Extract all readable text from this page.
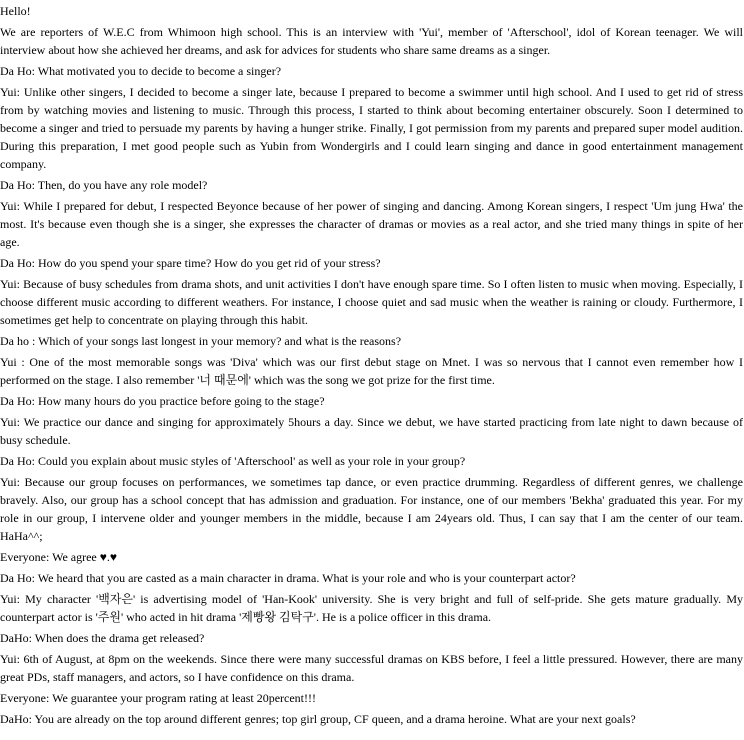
Hello!

We are reporters of W.E.C from Whimoon high school. This is an interview with 'Yui', member of 'Afterschool', idol of Korean teenager. We will interview about how she achieved her dreams, and ask for advices for students who share same dreams as a singer.

Da Ho: What motivated you to decide to become a singer?

Yui: Unlike other singers, I decided to become a singer late, because I prepared to become a swimmer until high school. And I used to get rid of stress from by watching movies and listening to music. Through this process, I started to think about becoming entertainer obscurely. Soon I determined to become a singer and tried to persuade my parents by having a hunger strike. Finally, I got permission from my parents and prepared super model audition. During this preparation, I met good people such as Yubin from Wondergirls and I could learn singing and dance in good entertainment management company.

Da Ho: Then, do you have any role model?

Yui: While I prepared for debut, I respected Beyonce because of her power of singing and dancing. Among Korean singers, I respect 'Um jung Hwa' the most. It's because even though she is a singer, she expresses the character of dramas or movies as a real actor, and she tried many things in spite of her age.

Da Ho: How do you spend your spare time? How do you get rid of your stress?

Yui: Because of busy schedules from drama shots, and unit activities I don't have enough spare time. So I often listen to music when moving. Especially, I choose different music according to different weathers. For instance, I choose quiet and sad music when the weather is raining or cloudy. Furthermore, I sometimes get help to concentrate on playing through this habit.

Da ho : Which of your songs last longest in your memory? and what is the reasons?

Yui : One of the most memorable songs was 'Diva' which was our first debut stage on Mnet. I was so nervous that I cannot even remember how I performed on the stage. I also remember '너 때문에' which was the song we got prize for the first time.

Da Ho: How many hours do you practice before going to the stage?

Yui: We practice our dance and singing for approximately 5hours a day. Since we debut, we have started practicing from late night to dawn because of busy schedule.

Da Ho: Could you explain about music styles of 'Afterschool' as well as your role in your group?

Yui: Because our group focuses on performances, we sometimes tap dance, or even practice drumming. Regardless of different genres, we challenge bravely. Also, our group has a school concept that has admission and graduation. For instance, one of our members 'Bekha' graduated this year. For my role in our group, I intervene older and younger members in the middle, because I am 24years old. Thus, I can say that I am the center of our team. HaHa^^;

Everyone: We agree ♥.♥

Da Ho: We heard that you are casted as a main character in drama. What is your role and who is your counterpart actor?

Yui: My character '백자은' is advertising model of 'Han-Kook' university. She is very bright and full of self-pride. She gets mature gradually. My counterpart actor is '주원' who acted in hit drama '제빵왕 김탁구'. He is a police officer in this drama.

DaHo: When does the drama get released?

Yui: 6th of August, at 8pm on the weekends. Since there were many successful dramas on KBS before, I feel a little pressured. However, there are many great PDs, staff managers, and actors, so I have confidence on this drama.

Everyone: We guarantee your program rating at least 20percent!!!

DaHo: You are already on the top around different genres; top girl group, CF queen, and a drama heroine. What are your next goals?
